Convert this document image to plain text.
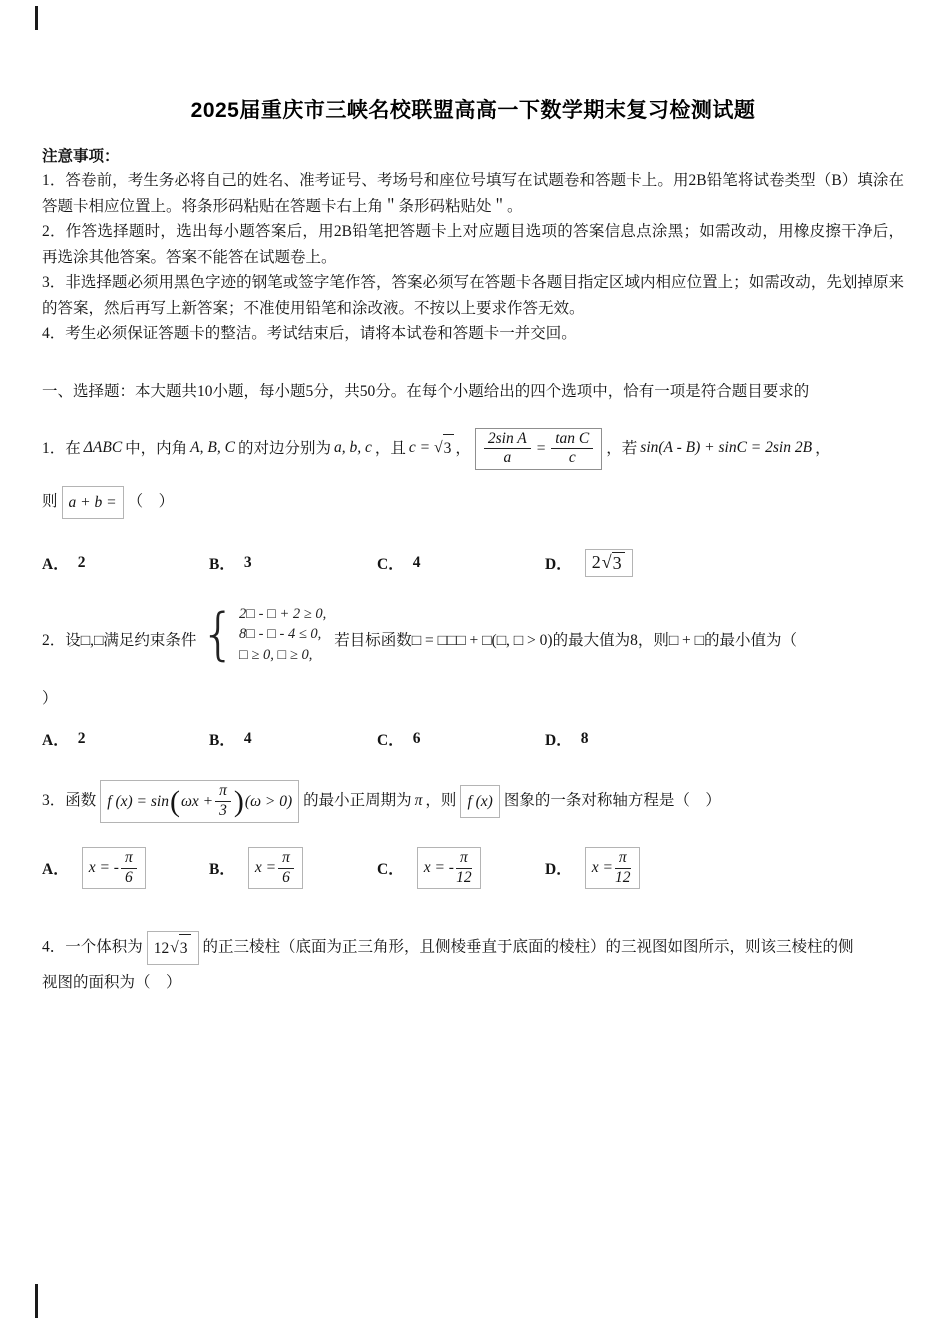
2025届重庆市三峡名校联盟高高一下数学期末复习检测试题

注意事项：

1．答卷前，考生务必将自己的姓名、准考证号、考场号和座位号填写在试题卷和答题卡上。用2B铅笔将试卷类型（B）填涂在答题卡相应位置上。将条形码粘贴在答题卡右上角＂条形码粘贴处＂。

2．作答选择题时，选出每小题答案后，用2B铅笔把答题卡上对应题目选项的答案信息点涂黑；如需改动，用橡皮擦干净后，再选涂其他答案。答案不能答在试题卷上。

3．非选择题必须用黑色字迹的钢笔或签字笔作答，答案必须写在答题卡各题目指定区域内相应位置上；如需改动，先划掉原来的答案，然后再写上新答案；不准使用铅笔和涂改液。不按以上要求作答无效。

4．考生必须保证答题卡的整洁。考试结束后，请将本试卷和答题卡一并交回。

一、选择题：本大题共10小题，每小题5分，共50分。在每个小题给出的四个选项中，恰有一项是符合题目要求的

1．在 ΔABC 中，内角 A, B, C 的对边分别为 a, b, c ，且 c = √ 3 ， $\frac{\text{2sin A}}{a} = \frac{\text{tan C}}{c}$ ，若 sin(A - B) + sinC = 2sin 2B ，
则 a + b = （　）
A． 2	B． 3	C． 4	D． 2 √ 3
2．设□,□满足约束条件 { 2□ - □ + 2 ≥ 0,
8□ - □ - 4 ≤ 0,
□ ≥ 0, □ ≥ 0,
若目标函数□ = □□□ + □(□, □ > 0)的最大值为8，则□ + □的最小值为（
）
A． 2	B． 4	C． 6	D． 8
3．函数 f (x) = sin ( $\omega x + \frac{\pi}{3}$ ) (ω > 0) 的最小正周期为 π ，则 f (x) 图象的一条对称轴方程是（　）
A． x = - $\frac{\pi}{6}$	B． $x = \frac{\pi}{6}$	C． x = - $\frac{\pi}{12}$	D． $x = \frac{\pi}{12}$
4．一个体积为 12 √ 3 的正三棱柱（底面为正三角形，且侧棱垂直于底面的棱柱）的三视图如图所示，则该三棱柱的侧
视图的面积为（　）
